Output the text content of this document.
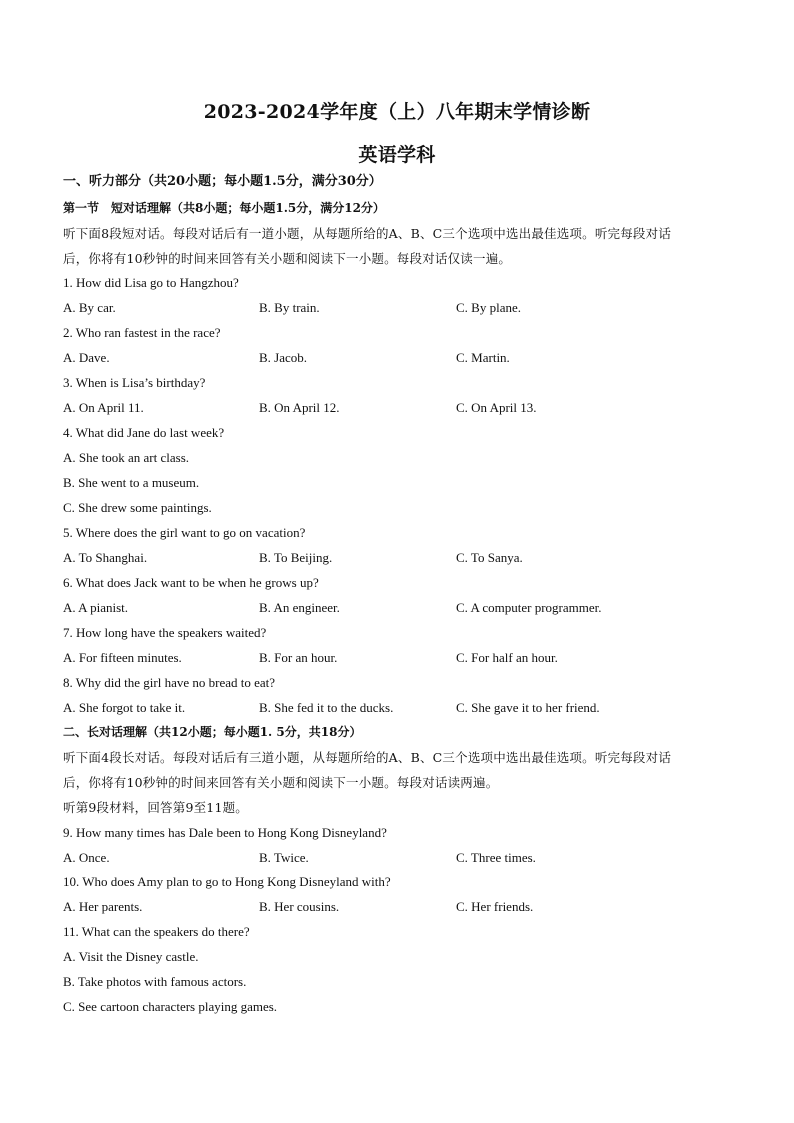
2023-2024学年度（上）八年期末学情诊断
英语学科
一、听力部分（共20小题；每小题1.5分，满分30分）
第一节　短对话理解（共8小题；每小题1.5分，满分12分）
听下面8段短对话。每段对话后有一道小题，从每题所给的A、B、C三个选项中选出最佳选项。听完每段对话
后，你将有10秒钟的时间来回答有关小题和阅读下一小题。每段对话仅读一遍。
1. How did Lisa go to Hangzhou?
A. By car.	B. By train.	C. By plane.
2. Who ran fastest in the race?
A. Dave.	B. Jacob.	C. Martin.
3. When is Lisa’s birthday?
A. On April 11.	B. On April 12.	C. On April 13.
4. What did Jane do last week?
A. She took an art class.
B. She went to a museum.
C. She drew some paintings.
5. Where does the girl want to go on vacation?
A. To Shanghai.	B. To Beijing.	C. To Sanya.
6. What does Jack want to be when he grows up?
A. A pianist.	B. An engineer.	C. A computer programmer.
7. How long have the speakers waited?
A. For fifteen minutes.	B. For an hour.	C. For half an hour.
8. Why did the girl have no bread to eat?
A. She forgot to take it.	B. She fed it to the ducks.	C. She gave it to her friend.
二、长对话理解（共12小题；每小题1. 5分，共18分）
听下面4段长对话。每段对话后有三道小题，从每题所给的A、B、C三个选项中选出最佳选项。听完每段对话
后，你将有10秒钟的时间来回答有关小题和阅读下一小题。每段对话读两遍。
听第9段材料，回答第9至11题。
9. How many times has Dale been to Hong Kong Disneyland?
A. Once.	B. Twice.	C. Three times.
10. Who does Amy plan to go to Hong Kong Disneyland with?
A. Her parents.	B. Her cousins.	C. Her friends.
11. What can the speakers do there?
A. Visit the Disney castle.
B. Take photos with famous actors.
C. See cartoon characters playing games.
